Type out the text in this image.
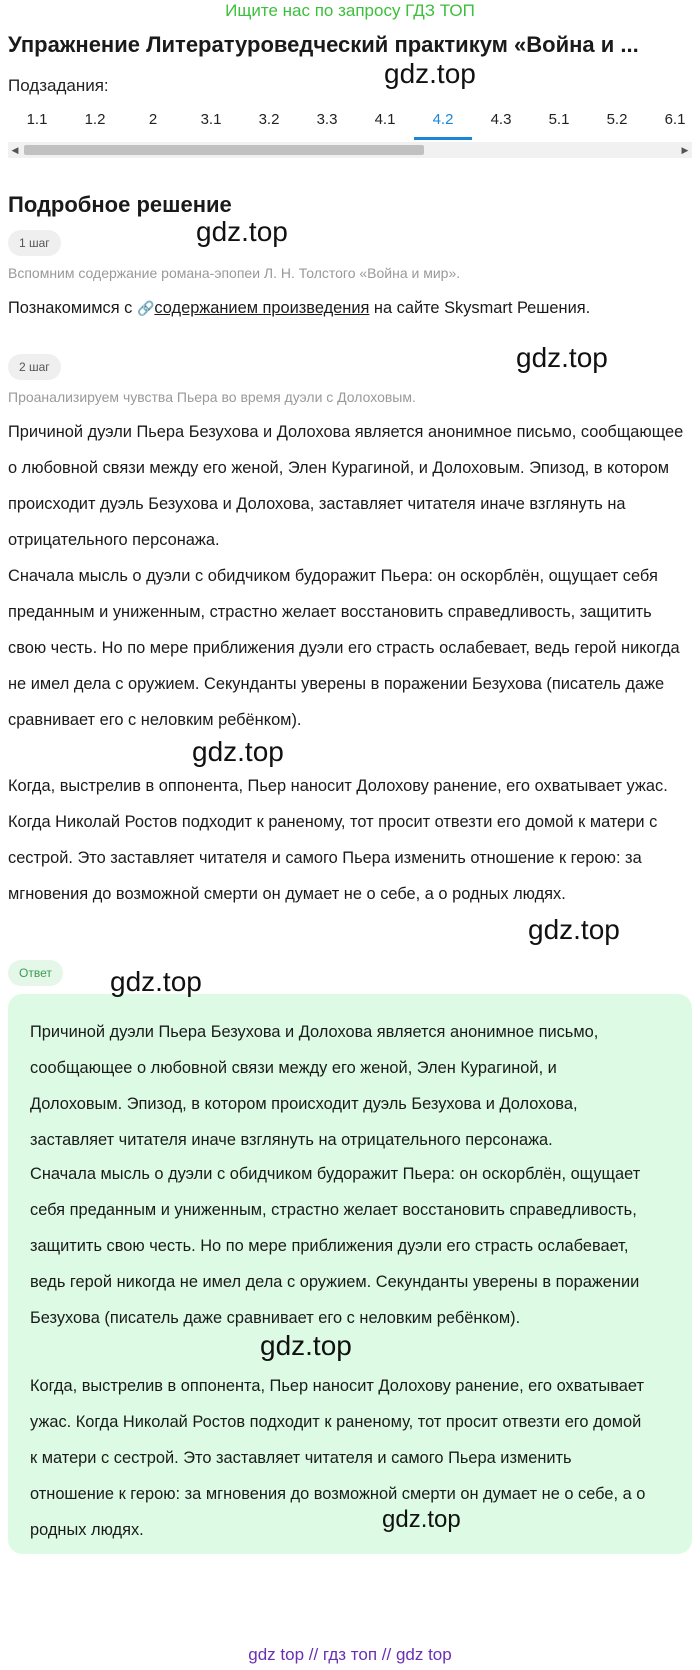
Ищите нас по запросу ГДЗ ТОП
Упражнение Литературоведческий практикум «Война и ...
Подзадания:
1.1	1.2	2	3.1	3.2	3.3	4.1	4.2	4.3	5.1	5.2	6.1
◀	▶
Подробное решение
1 шаг
Вспомним содержание романа-эпопеи Л. Н. Толстого «Война и мир».
Познакомимся с 🔗содержанием произведения на сайте Skysmart Решения.
2 шаг
Проанализируем чувства Пьера во время дуэли с Долоховым.
Причиной дуэли Пьера Безухова и Долохова является анонимное письмо, сообщающее о любовной связи между его женой, Элен Курагиной, и Долоховым. Эпизод, в котором происходит дуэль Безухова и Долохова, заставляет читателя иначе взглянуть на отрицательного персонажа.
Сначала мысль о дуэли с обидчиком будоражит Пьера: он оскорблён, ощущает себя преданным и униженным, страстно желает восстановить справедливость, защитить свою честь. Но по мере приближения дуэли его страсть ослабевает, ведь герой никогда не имел дела с оружием. Секунданты уверены в поражении Безухова (писатель даже сравнивает его с неловким ребёнком).
Когда, выстрелив в оппонента, Пьер наносит Долохову ранение, его охватывает ужас. Когда Николай Ростов подходит к раненому, тот просит отвезти его домой к матери с сестрой. Это заставляет читателя и самого Пьера изменить отношение к герою: за мгновения до возможной смерти он думает не о себе, а о родных людях.
Ответ
Причиной дуэли Пьера Безухова и Долохова является анонимное письмо, сообщающее о любовной связи между его женой, Элен Курагиной, и Долоховым. Эпизод, в котором происходит дуэль Безухова и Долохова, заставляет читателя иначе взглянуть на отрицательного персонажа.
Сначала мысль о дуэли с обидчиком будоражит Пьера: он оскорблён, ощущает себя преданным и униженным, страстно желает восстановить справедливость, защитить свою честь. Но по мере приближения дуэли его страсть ослабевает, ведь герой никогда не имел дела с оружием. Секунданты уверены в поражении Безухова (писатель даже сравнивает его с неловким ребёнком).
Когда, выстрелив в оппонента, Пьер наносит Долохову ранение, его охватывает ужас. Когда Николай Ростов подходит к раненому, тот просит отвезти его домой к матери с сестрой. Это заставляет читателя и самого Пьера изменить отношение к герою: за мгновения до возможной смерти он думает не о себе, а о родных людях.
gdz.top
gdz.top
gdz.top
gdz.top
gdz.top
gdz.top
gdz.top
gdz.top
gdz top // гдз топ // gdz top
